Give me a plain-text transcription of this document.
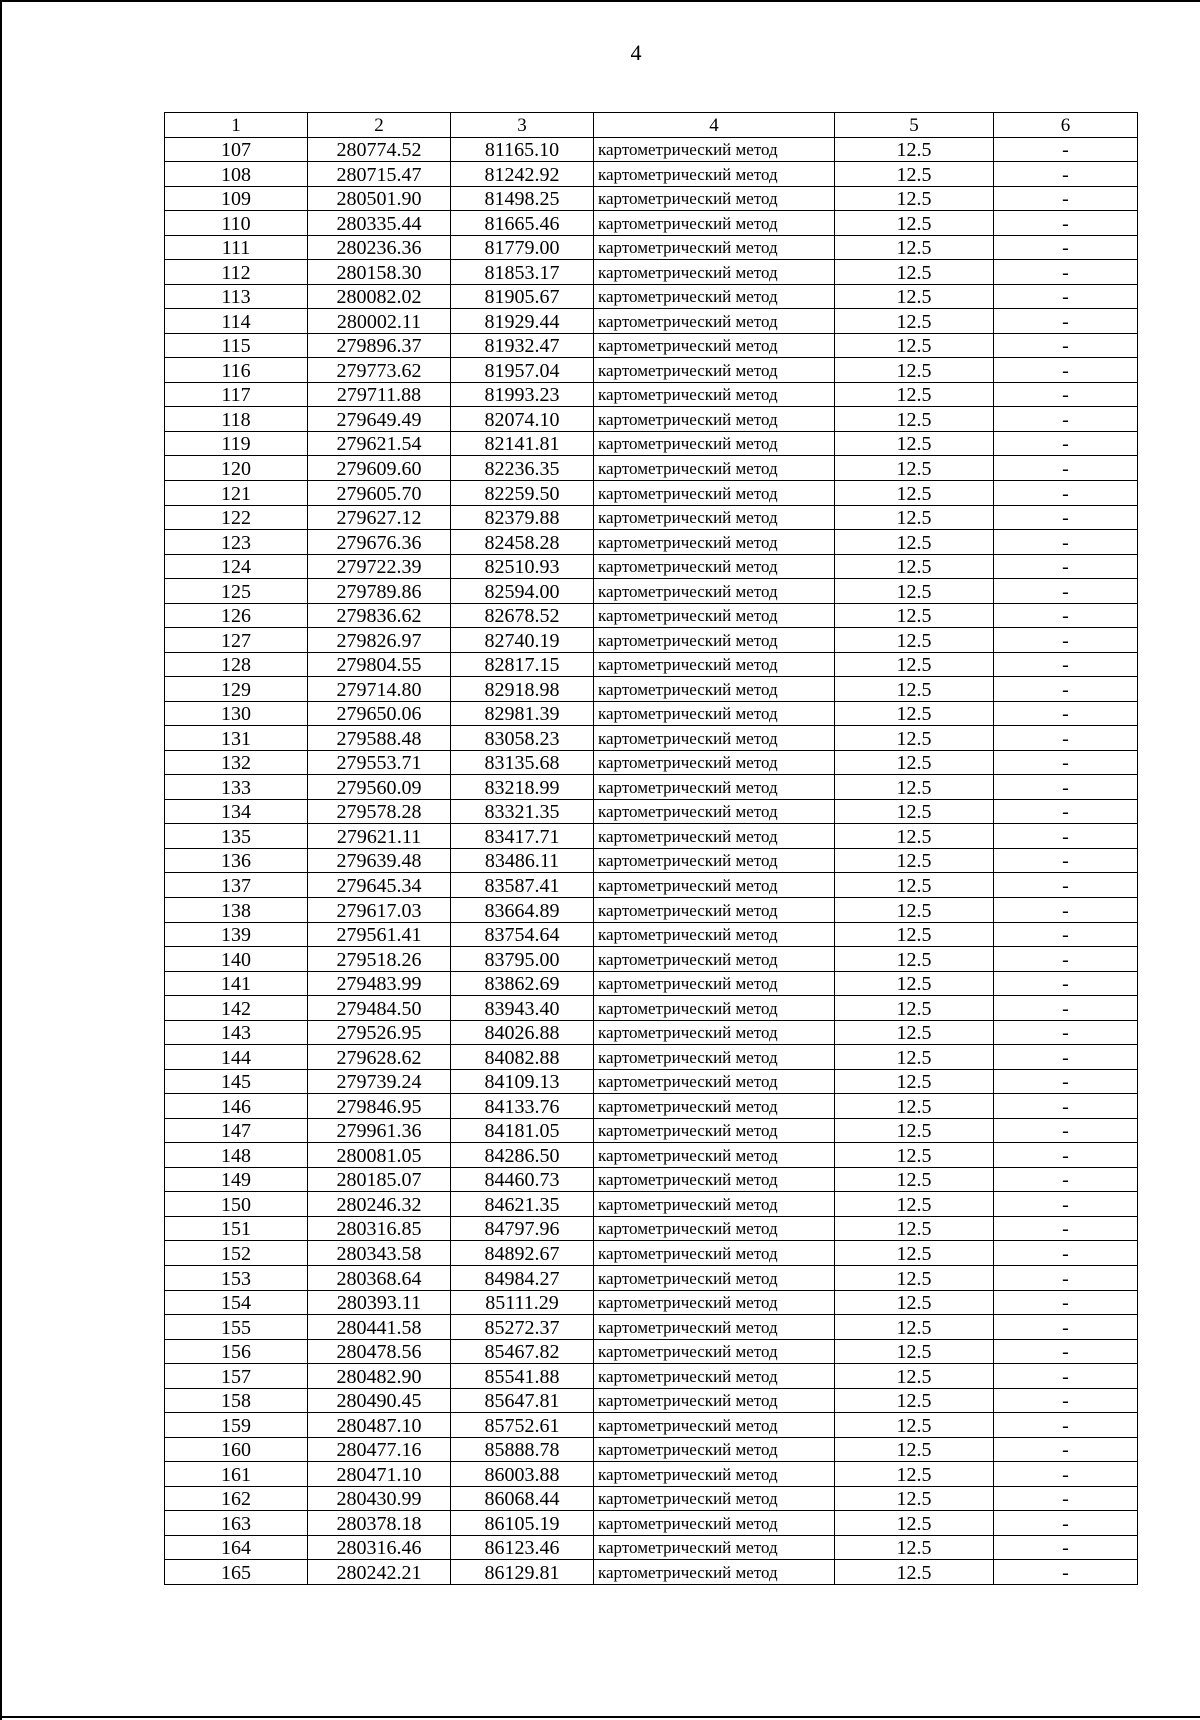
4
1	2	3	4	5	6
107	280774.52	81165.10	картометрический метод	12.5	-
108	280715.47	81242.92	картометрический метод	12.5	-
109	280501.90	81498.25	картометрический метод	12.5	-
110	280335.44	81665.46	картометрический метод	12.5	-
111	280236.36	81779.00	картометрический метод	12.5	-
112	280158.30	81853.17	картометрический метод	12.5	-
113	280082.02	81905.67	картометрический метод	12.5	-
114	280002.11	81929.44	картометрический метод	12.5	-
115	279896.37	81932.47	картометрический метод	12.5	-
116	279773.62	81957.04	картометрический метод	12.5	-
117	279711.88	81993.23	картометрический метод	12.5	-
118	279649.49	82074.10	картометрический метод	12.5	-
119	279621.54	82141.81	картометрический метод	12.5	-
120	279609.60	82236.35	картометрический метод	12.5	-
121	279605.70	82259.50	картометрический метод	12.5	-
122	279627.12	82379.88	картометрический метод	12.5	-
123	279676.36	82458.28	картометрический метод	12.5	-
124	279722.39	82510.93	картометрический метод	12.5	-
125	279789.86	82594.00	картометрический метод	12.5	-
126	279836.62	82678.52	картометрический метод	12.5	-
127	279826.97	82740.19	картометрический метод	12.5	-
128	279804.55	82817.15	картометрический метод	12.5	-
129	279714.80	82918.98	картометрический метод	12.5	-
130	279650.06	82981.39	картометрический метод	12.5	-
131	279588.48	83058.23	картометрический метод	12.5	-
132	279553.71	83135.68	картометрический метод	12.5	-
133	279560.09	83218.99	картометрический метод	12.5	-
134	279578.28	83321.35	картометрический метод	12.5	-
135	279621.11	83417.71	картометрический метод	12.5	-
136	279639.48	83486.11	картометрический метод	12.5	-
137	279645.34	83587.41	картометрический метод	12.5	-
138	279617.03	83664.89	картометрический метод	12.5	-
139	279561.41	83754.64	картометрический метод	12.5	-
140	279518.26	83795.00	картометрический метод	12.5	-
141	279483.99	83862.69	картометрический метод	12.5	-
142	279484.50	83943.40	картометрический метод	12.5	-
143	279526.95	84026.88	картометрический метод	12.5	-
144	279628.62	84082.88	картометрический метод	12.5	-
145	279739.24	84109.13	картометрический метод	12.5	-
146	279846.95	84133.76	картометрический метод	12.5	-
147	279961.36	84181.05	картометрический метод	12.5	-
148	280081.05	84286.50	картометрический метод	12.5	-
149	280185.07	84460.73	картометрический метод	12.5	-
150	280246.32	84621.35	картометрический метод	12.5	-
151	280316.85	84797.96	картометрический метод	12.5	-
152	280343.58	84892.67	картометрический метод	12.5	-
153	280368.64	84984.27	картометрический метод	12.5	-
154	280393.11	85111.29	картометрический метод	12.5	-
155	280441.58	85272.37	картометрический метод	12.5	-
156	280478.56	85467.82	картометрический метод	12.5	-
157	280482.90	85541.88	картометрический метод	12.5	-
158	280490.45	85647.81	картометрический метод	12.5	-
159	280487.10	85752.61	картометрический метод	12.5	-
160	280477.16	85888.78	картометрический метод	12.5	-
161	280471.10	86003.88	картометрический метод	12.5	-
162	280430.99	86068.44	картометрический метод	12.5	-
163	280378.18	86105.19	картометрический метод	12.5	-
164	280316.46	86123.46	картометрический метод	12.5	-
165	280242.21	86129.81	картометрический метод	12.5	-
